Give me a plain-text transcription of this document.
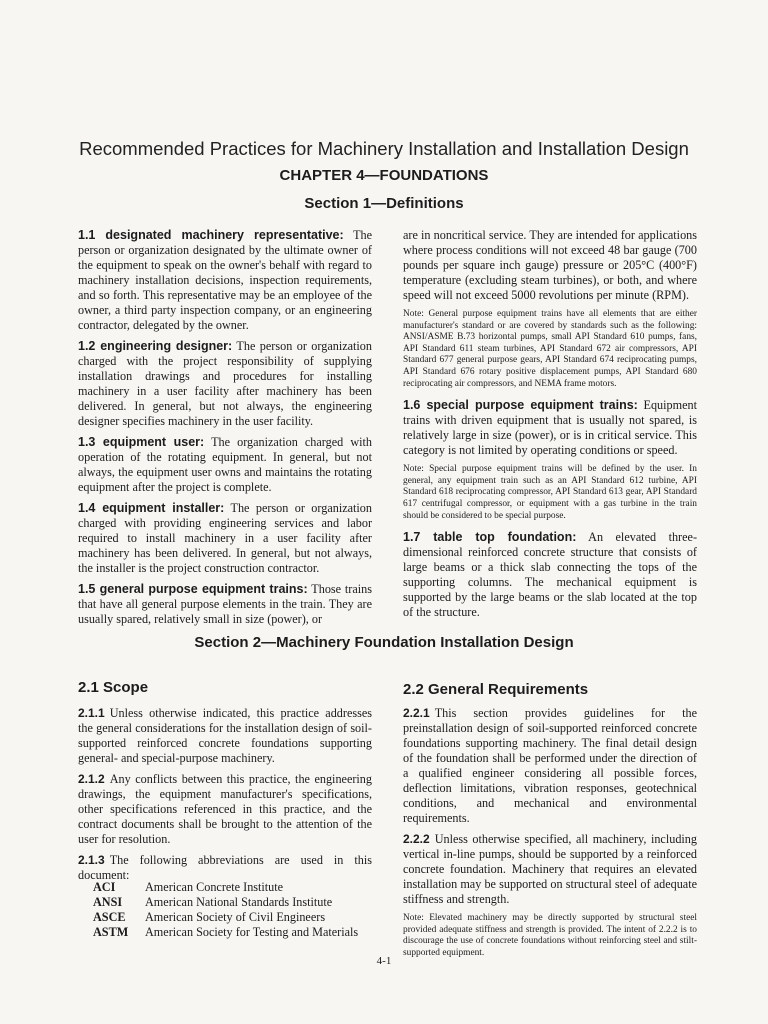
Recommended Practices for Machinery Installation and Installation Design
CHAPTER 4—FOUNDATIONS
Section 1—Definitions

1.1 designated machinery representative: The person or organization designated by the ultimate owner of the equipment to speak on the owner's behalf with regard to machinery installation decisions, inspection requirements, and so forth. This representative may be an employee of the owner, a third party inspection company, or an engineering contractor, delegated by the owner.

1.2 engineering designer: The person or organization charged with the project responsibility of supplying installation drawings and procedures for installing machinery in a user facility after machinery has been delivered. In general, but not always, the engineering designer specifies machinery in the user facility.

1.3 equipment user: The organization charged with operation of the rotating equipment. In general, but not always, the equipment user owns and maintains the rotating equipment after the project is complete.

1.4 equipment installer: The person or organization charged with providing engineering services and labor required to install machinery in a user facility after machinery has been delivered. In general, but not always, the installer is the project construction contractor.

1.5 general purpose equipment trains: Those trains that have all general purpose elements in the train. They are usually spared, relatively small in size (power), or

are in noncritical service. They are intended for applications where process conditions will not exceed 48 bar gauge (700 pounds per square inch gauge) pressure or 205°C (400°F) temperature (excluding steam turbines), or both, and where speed will not exceed 5000 revolutions per minute (RPM).

Note: General purpose equipment trains have all elements that are either manufacturer's standard or are covered by standards such as the following: ANSI/ASME B.73 horizontal pumps, small API Standard 610 pumps, fans, API Standard 611 steam turbines, API Standard 672 air compressors, API Standard 677 general purpose gears, API Standard 674 reciprocating pumps, API Standard 676 rotary positive displacement pumps, API Standard 680 reciprocating air compressors, and NEMA frame motors.

1.6 special purpose equipment trains: Equipment trains with driven equipment that is usually not spared, is relatively large in size (power), or is in critical service. This category is not limited by operating conditions or speed.

Note: Special purpose equipment trains will be defined by the user. In general, any equipment train such as an API Standard 612 turbine, API Standard 618 reciprocating compressor, API Standard 613 gear, API Standard 617 centrifugal compressor, or equipment with a gas turbine in the train should be considered to be special purpose.

1.7 table top foundation: An elevated three-dimensional reinforced concrete structure that consists of large beams or a thick slab connecting the tops of the supporting columns. The mechanical equipment is supported by the large beams or the slab located at the top of the structure.

Section 2—Machinery Foundation Installation Design
2.1 Scope	2.2 General Requirements

2.1.1 Unless otherwise indicated, this practice addresses the general considerations for the installation design of soil-supported reinforced concrete foundations supporting general- and special-purpose machinery.

2.1.2 Any conflicts between this practice, the engineering drawings, the equipment manufacturer's specifications, other specifications referenced in this practice, and the contract documents shall be brought to the attention of the user for resolution.

2.1.3 The following abbreviations are used in this document:

ACI	American Concrete Institute
ANSI	American National Standards Institute
ASCE	American Society of Civil Engineers
ASTM	American Society for Testing and Materials

2.2.1 This section provides guidelines for the preinstallation design of soil-supported reinforced concrete foundations supporting machinery. The final detail design of the foundation shall be performed under the direction of a qualified engineer considering all possible forces, deflection limitations, vibration responses, geotechnical conditions, and mechanical and environmental requirements.

2.2.2 Unless otherwise specified, all machinery, including vertical in-line pumps, should be supported by a reinforced concrete foundation. Machinery that requires an elevated installation may be supported on structural steel of adequate stiffness and strength.

Note: Elevated machinery may be directly supported by structural steel provided adequate stiffness and strength is provided. The intent of 2.2.2 is to discourage the use of concrete foundations without reinforcing steel and stilt-supported equipment.

4-1
